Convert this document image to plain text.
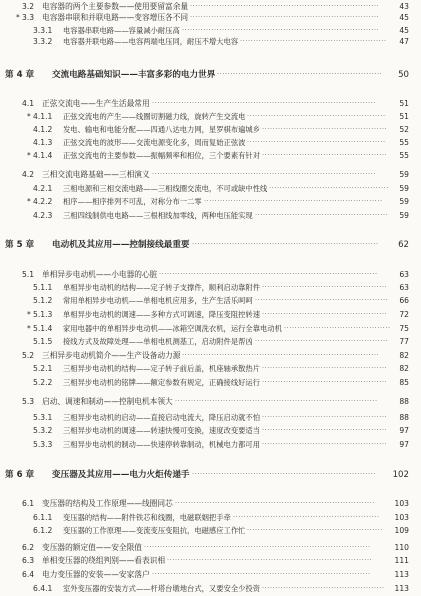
3.2 电容器的两个主要参数——使用要留富余量 ·······································································	43
* 3.3 电容器串联和并联电路——变容增压各不同 ·······································································	45
3.3.1 电容器串联电路——容量减小耐压高 ··········································································	45
3.3.2 电容器并联电路——电容两端电压同，耐压不增大电容 ·······················································	47
第 4 章 交流电路基础知识——丰富多彩的电力世界 ······························································	50
4.1 正弦交流电——生产生活最常用 ····················································································	51
* 4.1.1 正弦交流电的产生——线圈切割磁力线，旋转产生交流电 ····················································	51
4.1.2 发电、输电和电能分配——四通八达电力网，星罗棋布遍城乡 ···············································	52
4.1.3 正弦交流电的波形——交流电源变化多，周而复始正弦波 ····················································	55
* 4.1.4 正弦交流电的主要参数——振幅频率和相位，三个要素有针对 ···············································	55
4.2 三相交流电路基础——三相演义 ····················································································	59
4.2.1 三相电源和三相交流电路——三相线圈交流电，不可或缺中性线 ·············································	59
* 4.2.2 相序——相序排列不可乱，对称分布一二零 ···································································	59
4.2.3 三相四线制供电电路——三根相线加零线，两种电压能实现 ··················································	59
第 5 章 电动机及其应用——控制接线最重要 ······································································	62
5.1 单相异步电动机——小电器的心脏 ··················································································	63
5.1.1 单相异步电动机的结构——定子转子支撑件，顺利启动靠附件 ···············································	63
5.1.2 常用单相异步电动机——单相电机应用多，生产生活乐呵呵 ··················································	66
* 5.1.3 单相异步电动机的调速——多种方式可调速，降压变阻控转速 ···············································	72
* 5.1.4 家用电器中的单相异步电动机——冰箱空调洗衣机，运行全靠电动机 ········································	75
5.1.5 接线方式及故障处理——单相电机测基工，启动附件是帮凶 ··················································	77
5.2 三相异步电动机简介——生产设备动力源 ··········································································	82
5.2.1 三相异步电动机的结构——定子转子前后盖，机座轴承散热片 ···············································	82
5.2.2 三相异步电动机的铭牌——额定参数有规定，正确接线好运行 ···············································	85
5.3 启动、调速和制动——控制电机本领大 ············································································	88
5.3.1 三相异步电动机的启动——直接启动电流大，降压启动就不怕 ···············································	88
5.3.2 三相异步电动机的调速——转速快慢可变换，速度改变要适当 ···············································	97
5.3.3 三相异步电动机的制动——快速停转靠制动，机械电力都可用 ···············································	97
第 6 章 变压器及其应用——电力火炬传递手 ·····································································	102
6.1 变压器的结构及工作原理——线圈同芯 ···········································································	103
6.1.1 变压器的结构——附件铁芯和线圈，电磁联姻把手牵 ·······················································	103
6.1.2 变压器的工作原理——变流变压变阻抗，电磁感应工作忙 ···················································	109
6.2 变压器的额定值——安全限值 ·····················································································	110
6.3 单相变压器的绕组判别——看表识相 ·············································································	111
6.4 电力变压器的安装——安家落户 ··················································································	113
6.4.1 室外变压器的安装方式——杆塔台墩地台式，又要安全少投资 ··············································	113
